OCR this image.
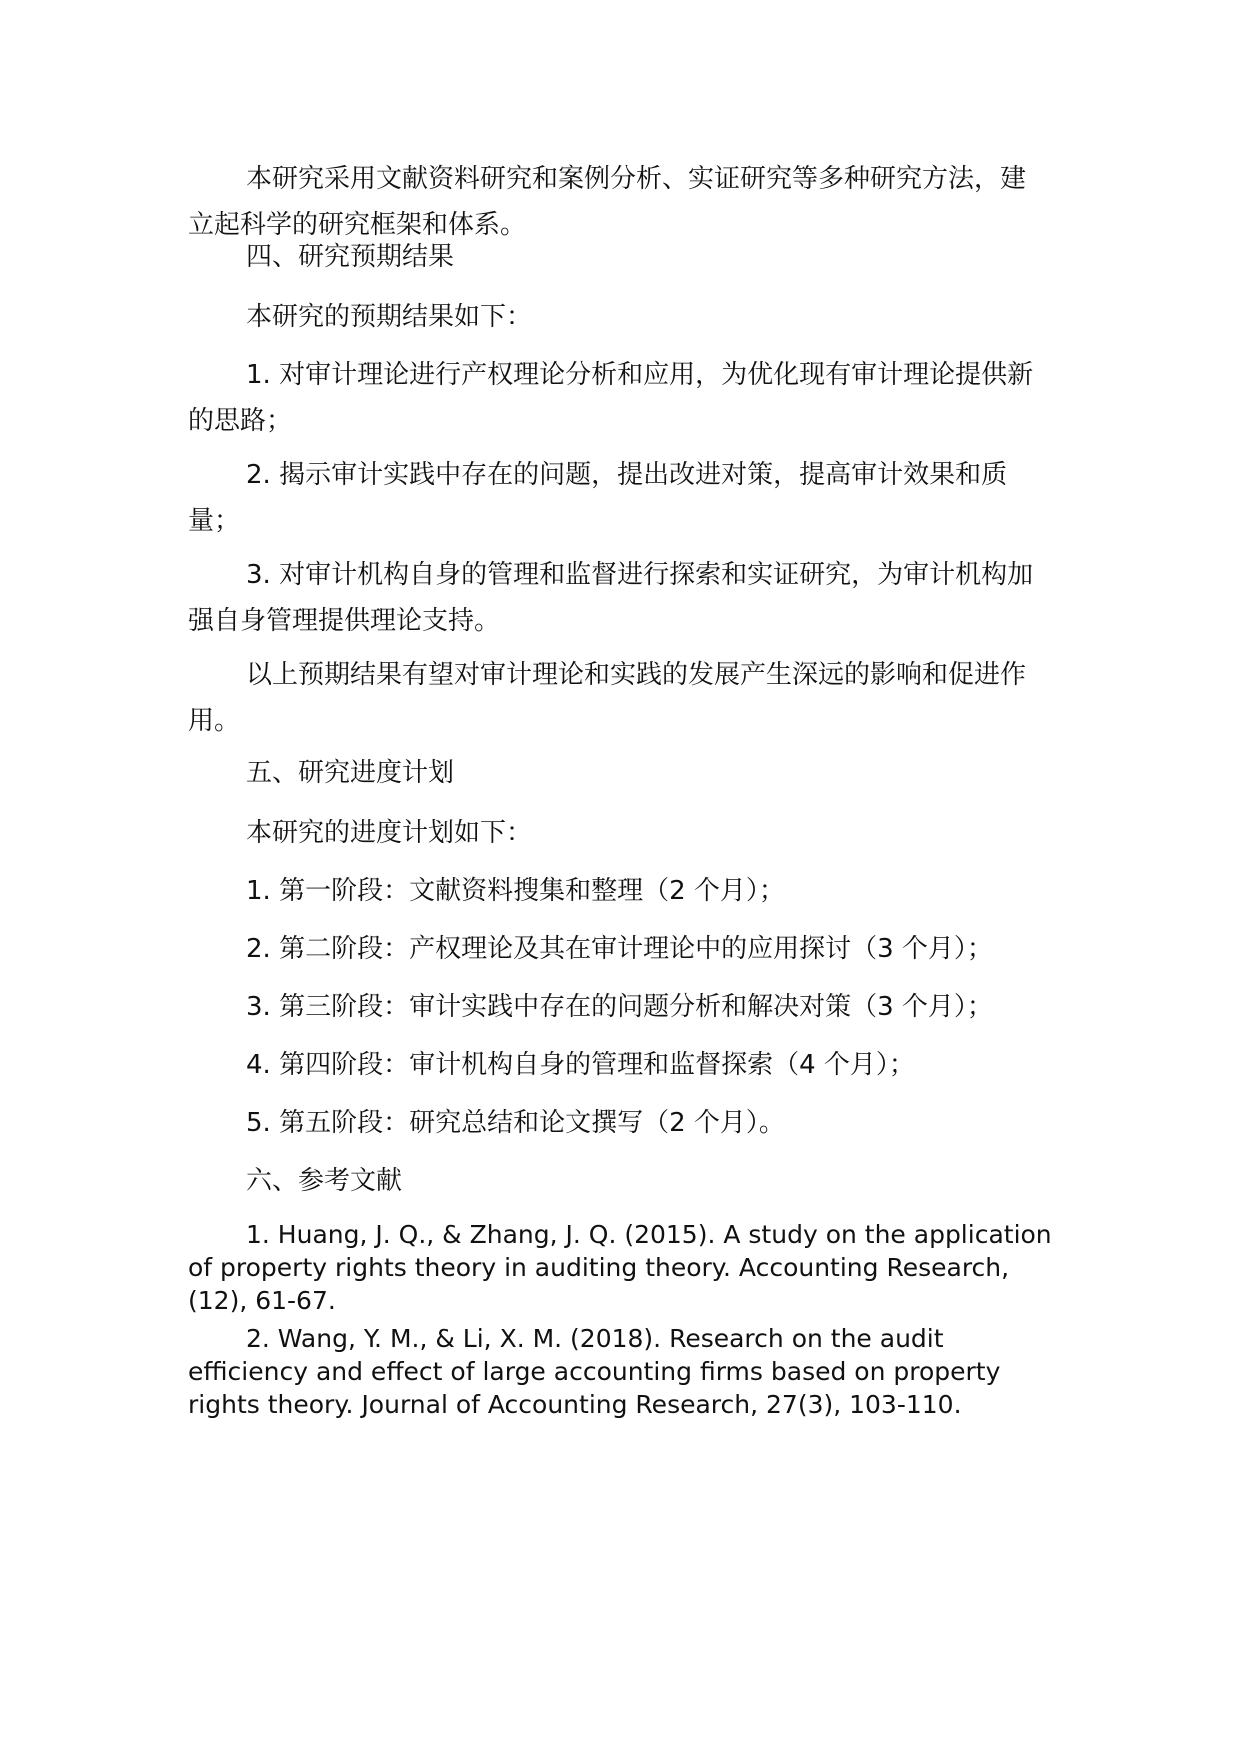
本研究采用文献资料研究和案例分析、实证研究等多种研究方法，建立起科学的研究框架和体系。

四、研究预期结果

本研究的预期结果如下：

1. 对审计理论进行产权理论分析和应用，为优化现有审计理论提供新的思路；

2. 揭示审计实践中存在的问题，提出改进对策，提高审计效果和质量；

3. 对审计机构自身的管理和监督进行探索和实证研究，为审计机构加强自身管理提供理论支持。

以上预期结果有望对审计理论和实践的发展产生深远的影响和促进作用。

五、研究进度计划

本研究的进度计划如下：

1. 第一阶段：文献资料搜集和整理（2 个月）；

2. 第二阶段：产权理论及其在审计理论中的应用探讨（3 个月）；

3. 第三阶段：审计实践中存在的问题分析和解决对策（3 个月）；

4. 第四阶段：审计机构自身的管理和监督探索（4 个月）；

5. 第五阶段：研究总结和论文撰写（2 个月）。

六、参考文献

1. Huang, J. Q., & Zhang, J. Q. (2015). A study on the application of property rights theory in auditing theory. Accounting Research, (12), 61-67.

2. Wang, Y. M., & Li, X. M. (2018). Research on the audit efficiency and effect of large accounting firms based on property rights theory. Journal of Accounting Research, 27(3), 103-110.
